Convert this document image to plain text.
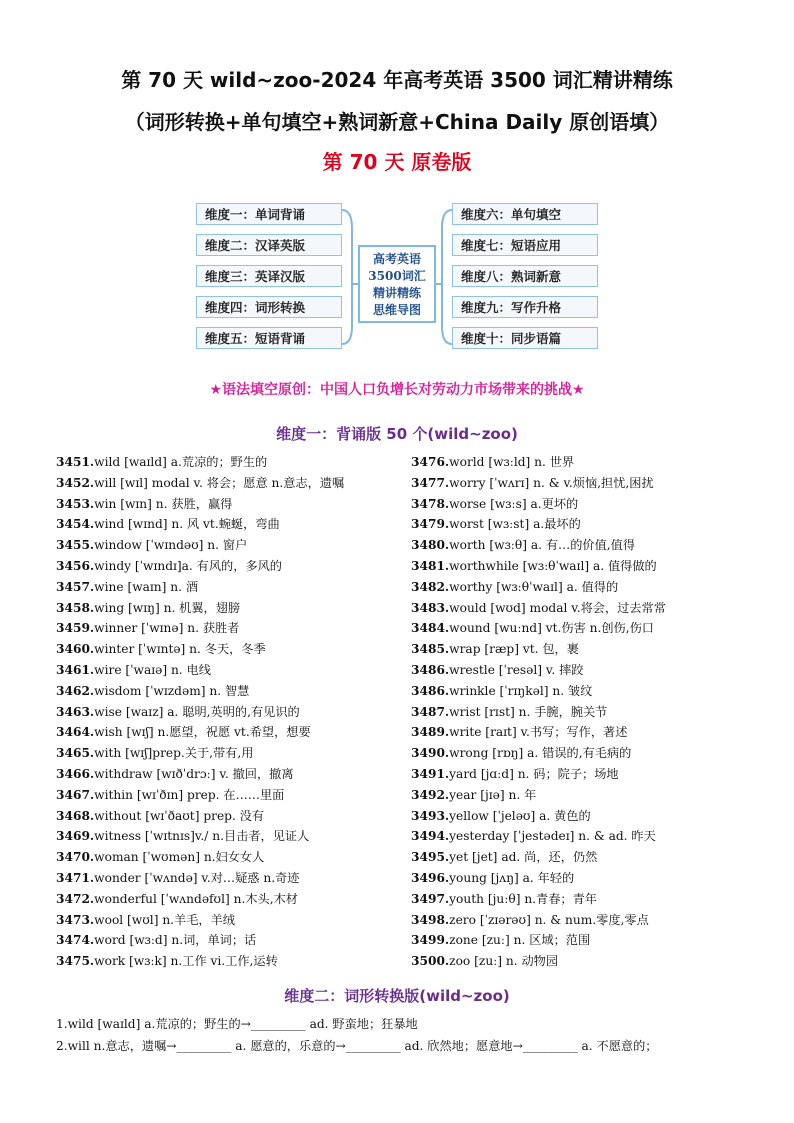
第 70 天 wild~zoo-2024 年高考英语 3500 词汇精讲精练
（词形转换+单句填空+熟词新意+China Daily 原创语填）
第 70 天 原卷版
维度一：单词背诵
维度二：汉译英版
维度三：英译汉版
维度四：词形转换
维度五：短语背诵
高考英语
3500词汇
精讲精练
思维导图
维度六：单句填空
维度七：短语应用
维度八：熟词新意
维度九：写作升格
维度十：同步语篇
★语法填空原创：中国人口负增长对劳动力市场带来的挑战★
维度一：背诵版 50 个(wild~zoo)
3451.wild [waɪld] a.荒凉的；野生的
3452.will [wɪl] modal v. 将会；愿意 n.意志，遗嘱
3453.win [wɪn] n. 获胜，赢得
3454.wind [wɪnd] n. 风 vt.蜿蜒，弯曲
3455.window [ˈwɪndəʊ] n. 窗户
3456.windy [ˈwɪndɪ]a. 有风的，多风的
3457.wine [waɪn] n. 酒
3458.wing [wɪŋ] n. 机翼，翅膀
3459.winner [ˈwɪnə] n. 获胜者
3460.winter [ˈwɪntə] n. 冬天，冬季
3461.wire [ˈwaɪə] n. 电线
3462.wisdom [ˈwɪzdəm] n. 智慧
3463.wise [waɪz] a. 聪明,英明的,有见识的
3464.wish [wɪʃ] n.愿望，祝愿 vt.希望，想要
3465.with [wɪʃ]prep.关于,带有,用
3466.withdraw [wɪðˈdrɔː] v. 撤回，撤离
3467.within [wɪˈðɪn] prep. 在……里面
3468.without [wɪˈðaʊt] prep. 没有
3469.witness [ˈwɪtnɪs]v./ n.目击者，见证人
3470.woman [ˈwʊmən] n.妇女女人
3471.wonder [ˈwʌndə] v.对…疑惑 n.奇迹
3472.wonderful [ˈwʌndəfʊl] n.木头,木材
3473.wool [wʊl] n.羊毛，羊绒
3474.word [wɜːd] n.词，单词；话
3475.work [wɜːk] n.工作 vi.工作,运转
3476.world [wɜːld] n. 世界
3477.worry [ˈwʌrɪ] n. & v.烦恼,担忧,困扰
3478.worse [wɜːs] a.更坏的
3479.worst [wɜːst] a.最坏的
3480.worth [wɜːθ] a. 有…的价值,值得
3481.worthwhile [wɜːθˈwaɪl] a. 值得做的
3482.worthy [wɜːθˈwaɪl] a. 值得的
3483.would [wʊd] modal v.将会，过去常常
3484.wound [wuːnd] vt.伤害 n.创伤,伤口
3485.wrap [ræp] vt. 包，裹
3486.wrestle [ˈresəl] v. 摔跤
3486.wrinkle [ˈrɪŋkəl] n. 皱纹
3487.wrist [rɪst] n. 手腕，腕关节
3489.write [raɪt] v.书写；写作，著述
3490.wrong [rɒŋ] a. 错误的,有毛病的
3491.yard [jɑːd] n. 码；院子；场地
3492.year [jɪə] n. 年
3493.yellow [ˈjeləʊ] a. 黄色的
3494.yesterday [ˈjestədeɪ] n. & ad. 昨天
3495.yet [jet] ad. 尚，还，仍然
3496.young [jʌŋ] a. 年轻的
3497.youth [juːθ] n.青春；青年
3498.zero [ˈzɪərəʊ] n. & num.零度,零点
3499.zone [zuː] n. 区域；范围
3500.zoo [zuː] n. 动物园
维度二：词形转换版(wild~zoo)
1.wild [waɪld] a.荒凉的；野生的→_________ ad. 野蛮地；狂暴地
2.will n.意志，遗嘱→_________ a. 愿意的，乐意的→_________ ad. 欣然地；愿意地→_________ a. 不愿意的；
